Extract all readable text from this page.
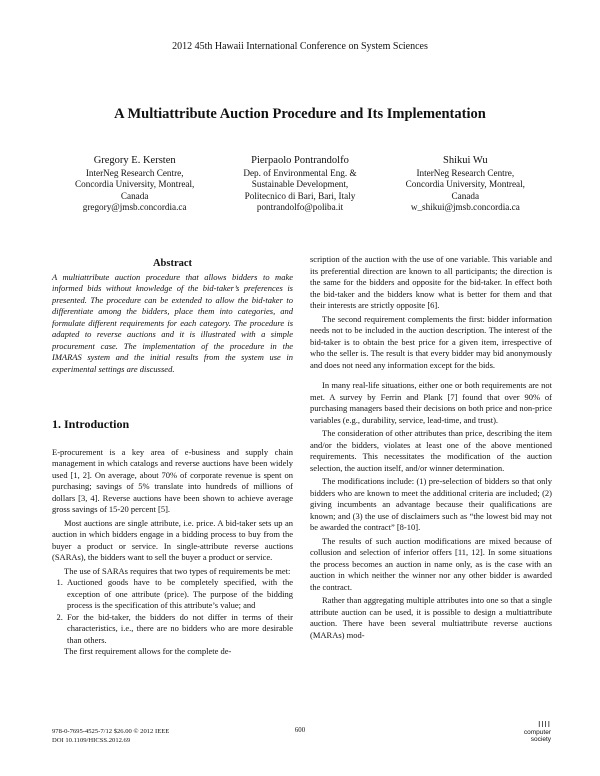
2012 45th Hawaii International Conference on System Sciences
A Multiattribute Auction Procedure and Its Implementation
Gregory E. Kersten
InterNeg Research Centre,
Concordia University, Montreal,
Canada
gregory@jmsb.concordia.ca
Pierpaolo Pontrandolfo
Dep. of Environmental Eng. &
Sustainable Development,
Politecnico di Bari, Bari, Italy
pontrandolfo@poliba.it
Shikui Wu
InterNeg Research Centre,
Concordia University, Montreal,
Canada
w_shikui@jmsb.concordia.ca
Abstract

A multiattribute auction procedure that allows bidders to make informed bids without knowledge of the bid-taker’s preferences is presented. The procedure can be extended to allow the bid-taker to differentiate among the bidders, place them into categories, and formulate different requirements for each category. The procedure is adapted to reverse auctions and it is illustrated with a simple procurement case. The implementation of the procedure in the IMARAS system and the initial results from the system use in experimental settings are discussed.

1. Introduction

E-procurement is a key area of e-business and supply chain management in which catalogs and reverse auctions have been widely used [1, 2]. On average, about 70% of corporate revenue is spent on purchasing; savings of 5% translate into hundreds of millions of dollars [3, 4]. Reverse auctions have been shown to achieve average gross savings of 15-20 percent [5].

Most auctions are single attribute, i.e. price. A bid-taker sets up an auction in which bidders engage in a bidding process to buy from the buyer a product or service. In single-attribute reverse auctions (SARAs), the bidders want to sell the buyer a product or service.

The use of SARAs requires that two types of requirements be met:

1. Auctioned goods have to be completely specified, with the exception of one attribute (price). The purpose of the bidding process is the specification of this attribute’s value; and
2. For the bid-taker, the bidders do not differ in terms of their characteristics, i.e., there are no bidders who are more desirable than others.

The first requirement allows for the complete de-

scription of the auction with the use of one variable. This variable and its preferential direction are known to all participants; the direction is the same for the bidders and opposite for the bid-taker. In effect both the bid-taker and the bidders know what is better for them and that their interests are strictly opposite [6].

The second requirement complements the first: bidder information needs not to be included in the auction description. The interest of the bid-taker is to obtain the best price for a given item, irrespective of who the seller is. The result is that every bidder may bid anonymously and does not need any information except for the bids.

In many real-life situations, either one or both requirements are not met. A survey by Ferrin and Plank [7] found that over 90% of purchasing managers based their decisions on both price and non-price variables (e.g., durability, service, lead-time, and trust).

The consideration of other attributes than price, describing the item and/or the bidders, violates at least one of the above mentioned requirements. This necessitates the modification of the auction selection, the auction itself, and/or winner determination.

The modifications include: (1) pre-selection of bidders so that only bidders who are known to meet the additional criteria are included; (2) giving incumbents an advantage because their qualifications are known; and (3) the use of disclaimers such as “the lowest bid may not be awarded the contract” [8-10].

The results of such auction modifications are mixed because of collusion and selection of inferior offers [11, 12]. In some situations the process becomes an auction in name only, as is the case with an auction in which neither the winner nor any other bidder is awarded the contract.

Rather than aggregating multiple attributes into one so that a single attribute auction can be used, it is possible to design a multiattribute auction. There have been several multiattribute reverse auctions (MARAs) mod-

978-0-7695-4525-7/12 $26.00 © 2012 IEEE
DOI 10.1109/HICSS.2012.69
600
IIII
computer
society
